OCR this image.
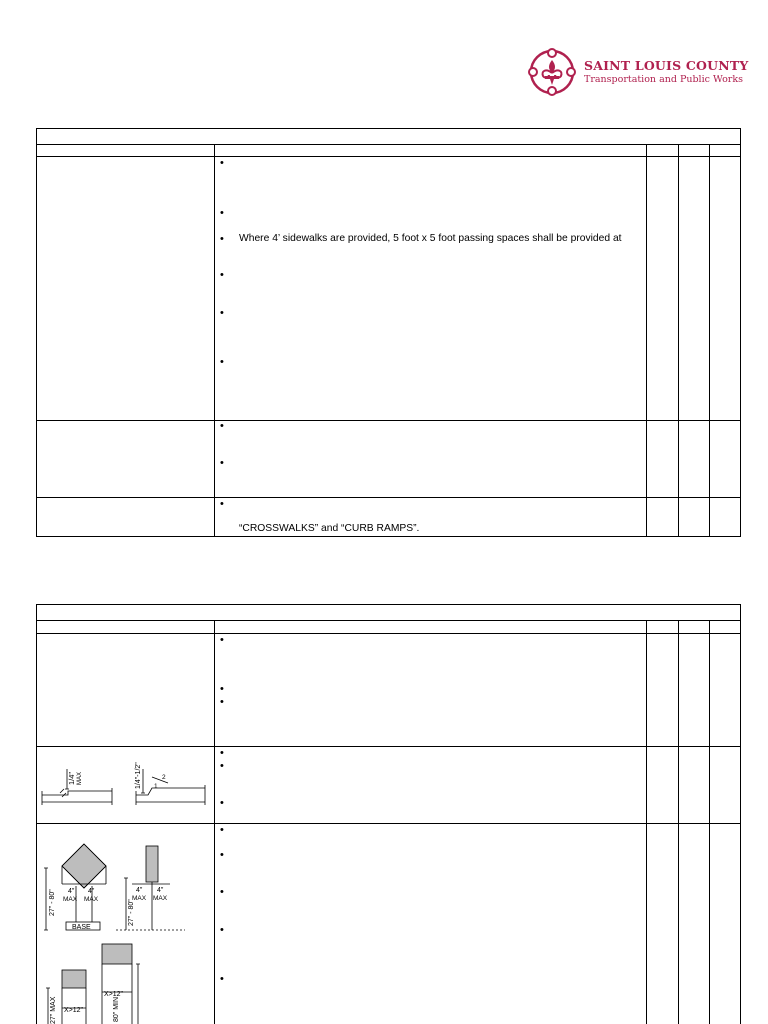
SAINT LOUIS COUNTY
Transportation and Public Works
•
•
• Where 4’ sidewalks are provided, 5 foot x 5 foot passing spaces shall be provided at
•
•
•
•
•
•
“CROSSWALKS” and “CURB RAMPS”.
•
•
•
•
•
•
•
•
•
•
•
1/4" MAX	1/4"-1/2" 1
2
27" - 80" 4" 4"
MAX MAX
BASE
4" 4"
MAX MAX
27" - 80"
27" MAX X>12"
X>12"
80" MIN
